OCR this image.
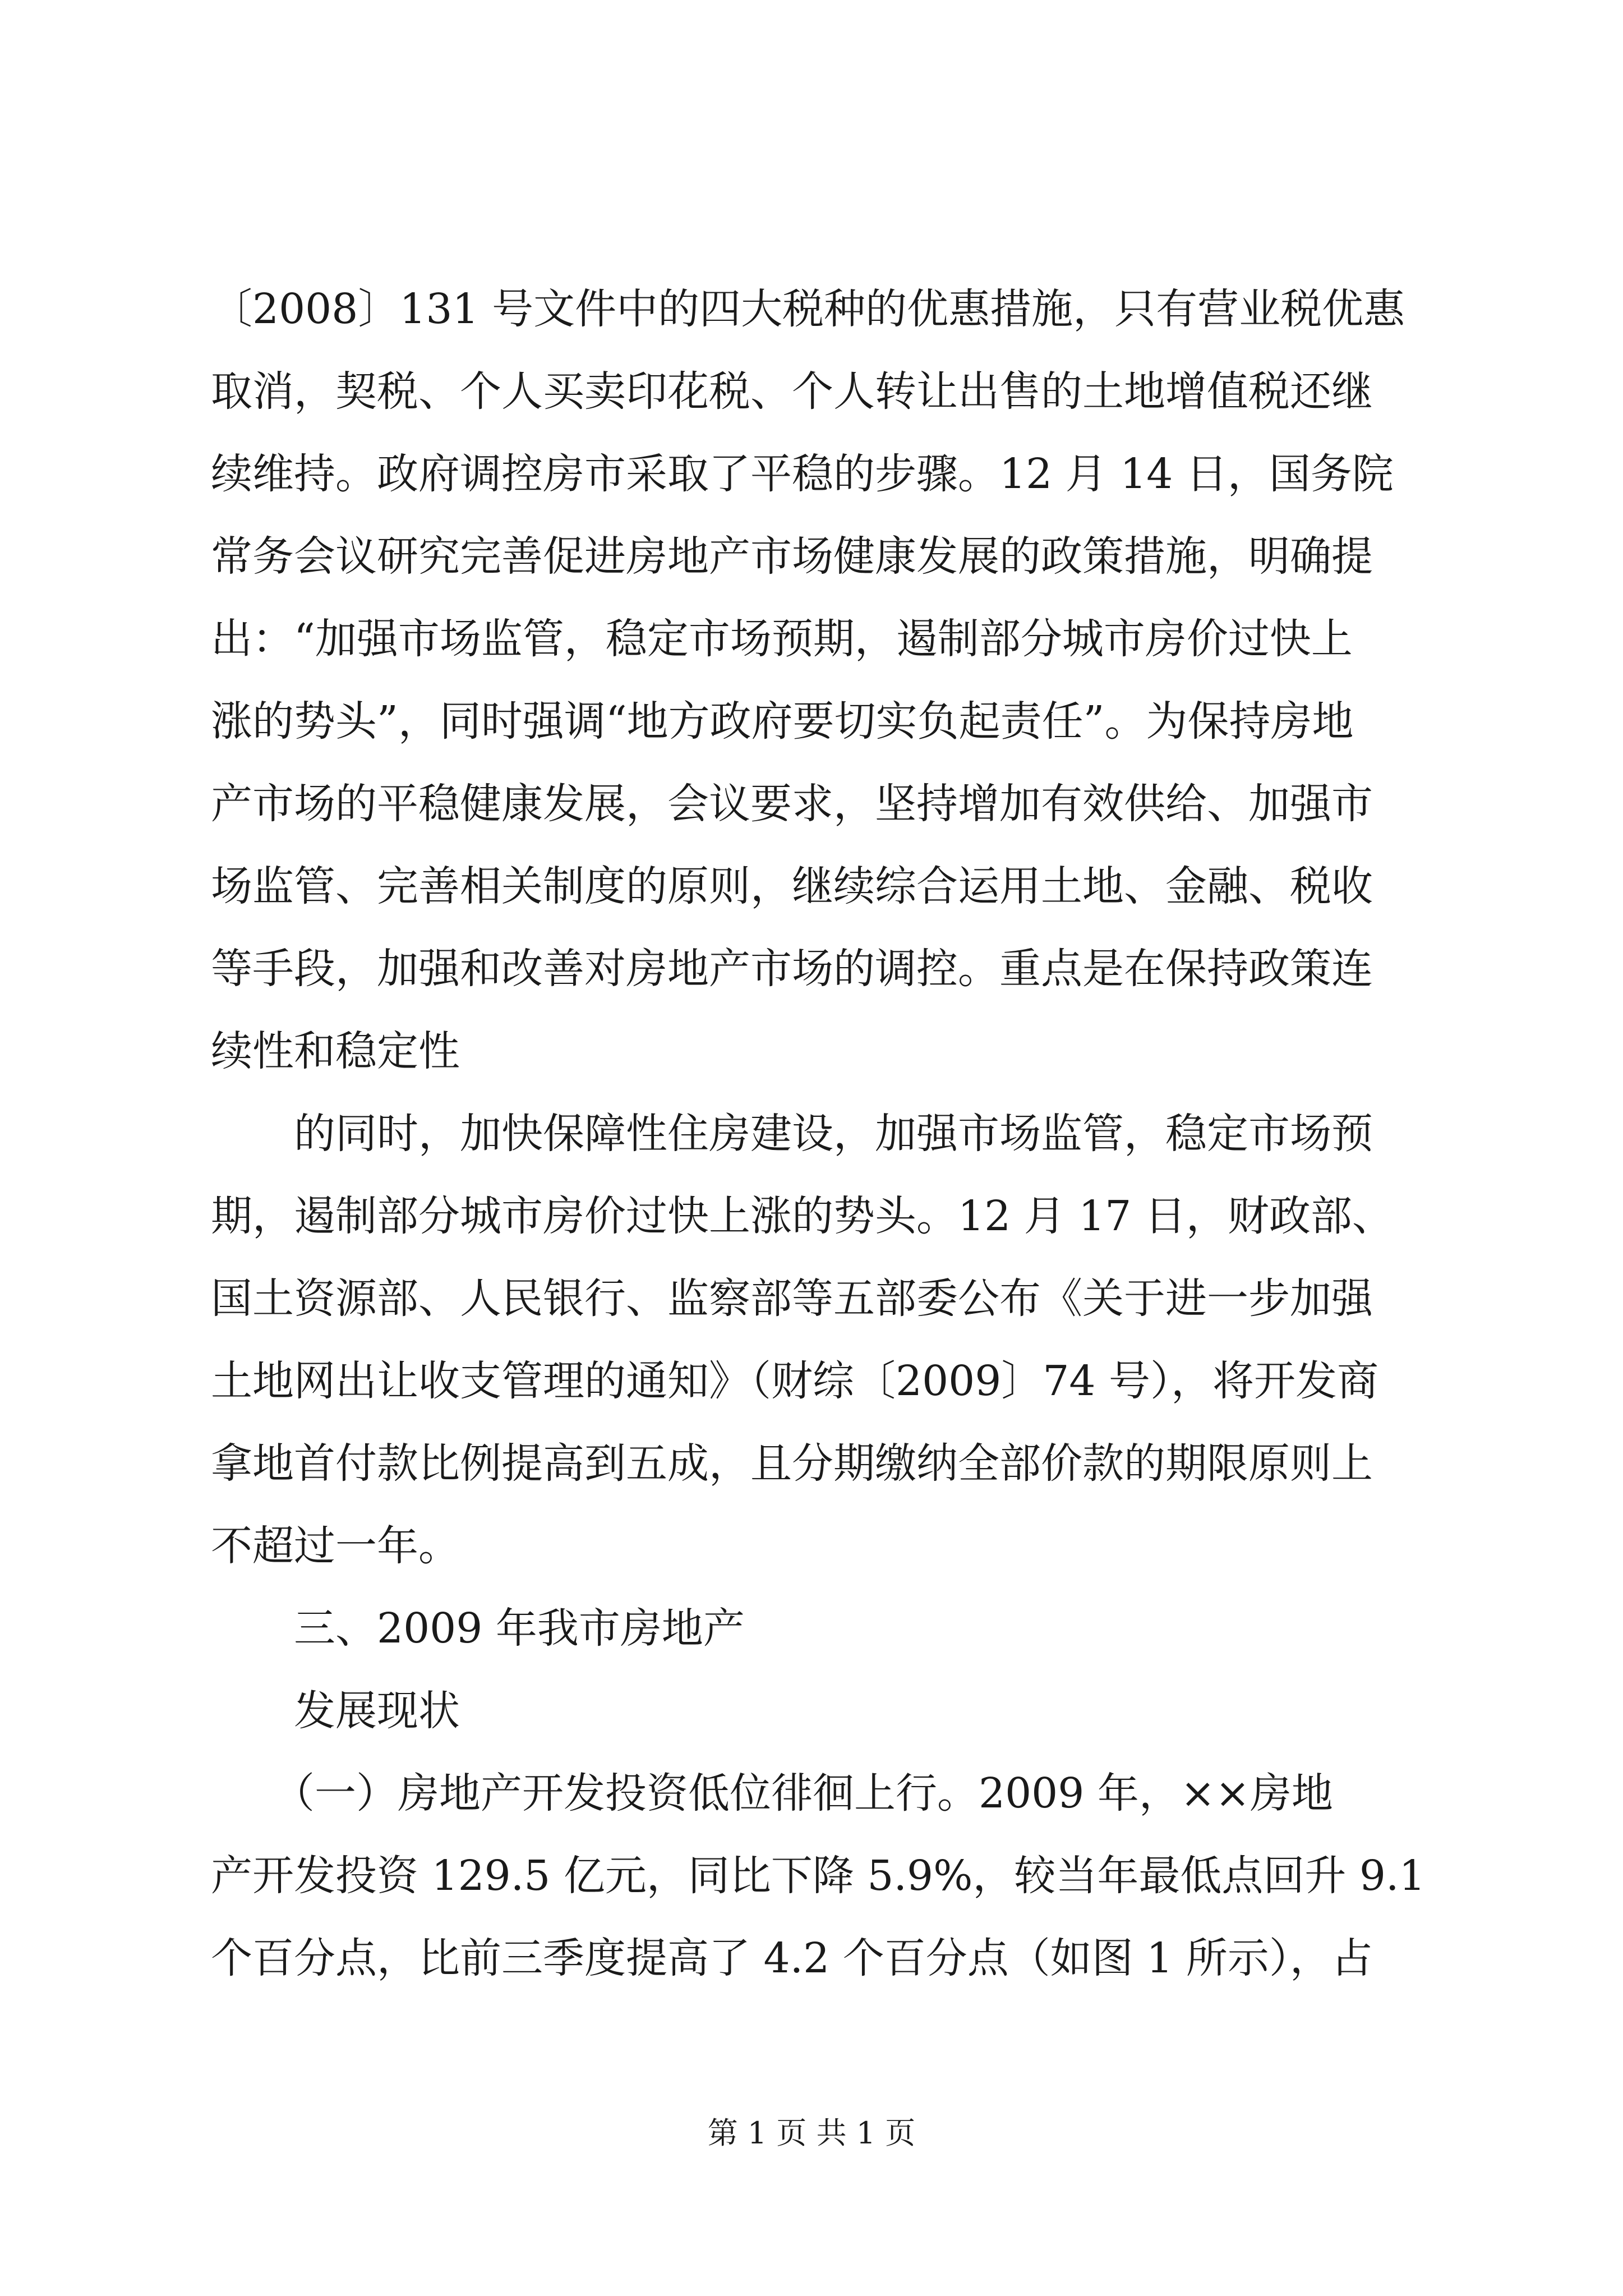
〔2008〕131 号文件中的四大税种的优惠措施，只有营业税优惠
取消，契税、个人买卖印花税、个人转让出售的土地增值税还继
续维持。政府调控房市采取了平稳的步骤。12 月 14 日，国务院
常务会议研究完善促进房地产市场健康发展的政策措施，明确提
出：“加强市场监管，稳定市场预期，遏制部分城市房价过快上
涨的势头”，同时强调“地方政府要切实负起责任”。为保持房地
产市场的平稳健康发展，会议要求，坚持增加有效供给、加强市
场监管、完善相关制度的原则，继续综合运用土地、金融、税收
等手段，加强和改善对房地产市场的调控。重点是在保持政策连
续性和稳定性
　　的同时，加快保障性住房建设，加强市场监管，稳定市场预
期，遏制部分城市房价过快上涨的势头。12 月 17 日，财政部、
国土资源部、人民银行、监察部等五部委公布《关于进一步加强
土地网出让收支管理的通知》（财综〔2009〕74 号），将开发商
拿地首付款比例提高到五成，且分期缴纳全部价款的期限原则上
不超过一年。
　　三、2009 年我市房地产
　　发展现状
　　（一）房地产开发投资低位徘徊上行。2009 年，××房地
产开发投资 129.5 亿元，同比下降 5.9%，较当年最低点回升 9.1
个百分点，比前三季度提高了 4.2 个百分点（如图 1 所示），占
第 1 页 共 1 页
